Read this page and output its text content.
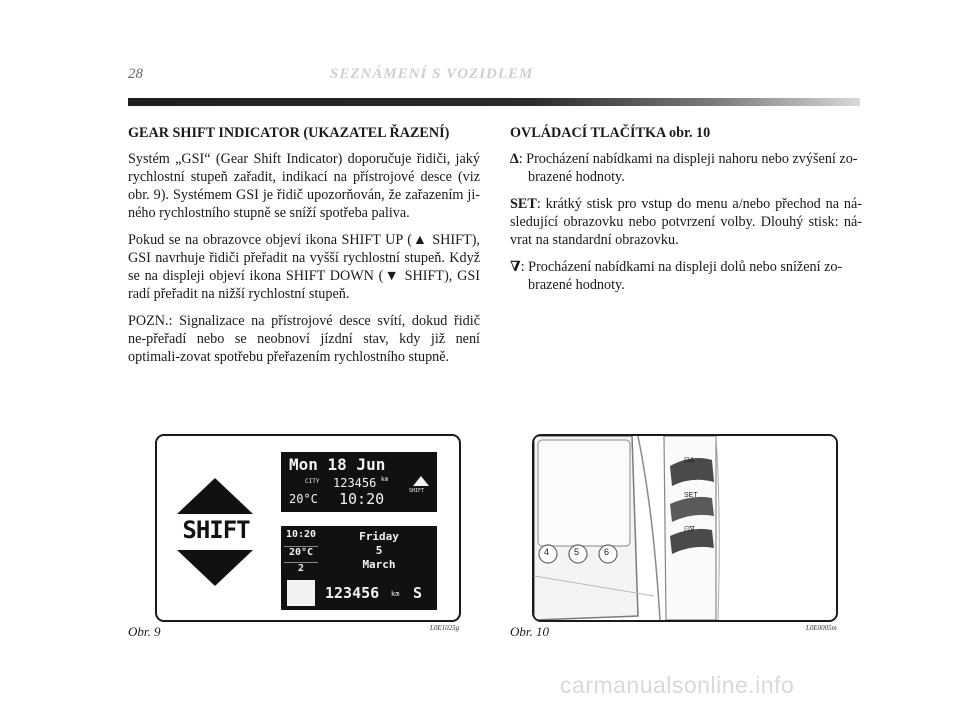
28	SEZNÁMENÍ S VOZIDLEM
GEAR SHIFT INDICATOR (UKAZATEL ŘAZENÍ)

Systém „GSI“ (Gear Shift Indicator) doporučuje řidiči, jaký rychlostní stupeň zařadit, indikací na přístrojové desce (viz obr. 9). Systémem GSI je řidič upozorňován, že zařazením ji-ného rychlostního stupně se sníží spotřeba paliva.

Pokud se na obrazovce objeví ikona SHIFT UP (▲ SHIFT), GSI navrhuje řidiči přeřadit na vyšší rychlostní stupeň. Když se na displeji objeví ikona SHIFT DOWN (▼ SHIFT), GSI radí přeřadit na nižší rychlostní stupeň.

POZN.: Signalizace na přístrojové desce svítí, dokud řidič ne-přeřadí nebo se neobnoví jízdní stav, kdy již není optimali-zovat spotřebu přeřazením rychlostního stupně.

OVLÁDACÍ TLAČÍTKA obr. 10
∆: Procházení nabídkami na displeji nahoru nebo zvýšení zo-
brazené hodnoty.
SET: krátký stisk pro vstup do menu a/nebo přechod na ná-sledující obrazovku nebo potvrzení volby. Dlouhý stisk: ná-vrat na standardní obrazovku.
∇: Procházení nabídkami na displeji dolů nebo snížení zo-
brazené hodnoty.
SHIFT
Mon 18 Jun
CITY 123456 km
20°C 10:20	SHIFT
10:20
20°C
2
Friday
5
March
123456 km S
Obr. 9	L0E1025g
4	5	6
⊡∆
SET
⊡∇
Obr. 10	L0E0005m
carmanualsonline.info
